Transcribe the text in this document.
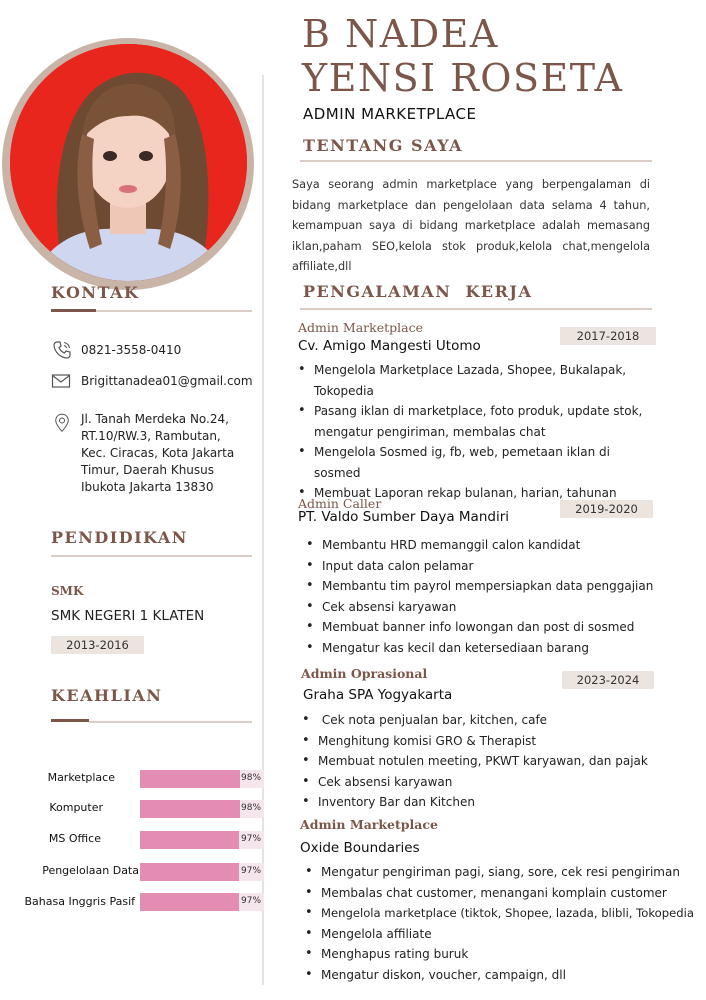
B NADEA
YENSI ROSETA
ADMIN MARKETPLACE
TENTANG SAYA
Saya seorang admin marketplace yang berpengalaman di bidang marketplace dan pengelolaan data selama 4 tahun, kemampuan saya di bidang marketplace adalah memasang iklan,paham SEO,kelola stok produk,kelola chat,mengelola affiliate,dll
KONTAK
0821-3558-0410
Brigittanadea01@gmail.com
Jl. Tanah Merdeka No.24,
RT.10/RW.3, Rambutan,
Kec. Ciracas, Kota Jakarta
Timur, Daerah Khusus
Ibukota Jakarta 13830
PENDIDIKAN
SMK
SMK NEGERI 1 KLATEN
2013-2016
KEAHLIAN
Marketplace	98%
Komputer	98%
MS Office	97%
Pengelolaan Data	97%
Bahasa Inggris Pasif	97%
PENGALAMAN  KERJA
Admin Marketplace
Cv. Amigo Mangesti Utomo
2017-2018
• Mengelola Marketplace Lazada, Shopee, Bukalapak, Tokopedia
• Pasang iklan di marketplace, foto produk, update stok, mengatur pengiriman, membalas chat
• Mengelola Sosmed ig, fb, web, pemetaan iklan di sosmed
• Membuat Laporan rekap bulanan, harian, tahunan
Admin Caller
PT. Valdo Sumber Daya Mandiri	2019-2020
• Membantu HRD memanggil calon kandidat
• Input data calon pelamar
• Membantu tim payrol mempersiapkan data penggajian
• Cek absensi karyawan
• Membuat banner info lowongan dan post di sosmed
• Mengatur kas kecil dan ketersediaan barang
Admin Oprasional
Graha SPA Yogyakarta
2023-2024
•  Cek nota penjualan bar, kitchen, cafe
• Menghitung komisi GRO & Therapist
• Membuat notulen meeting, PKWT karyawan, dan pajak
• Cek absensi karyawan
• Inventory Bar dan Kitchen
Admin Marketplace
Oxide Boundaries
• Mengatur pengiriman pagi, siang, sore, cek resi pengiriman
• Membalas chat customer, menangani komplain customer
• Mengelola marketplace (tiktok, Shopee, lazada, blibli, Tokopedia
• Mengelola affiliate
• Menghapus rating buruk
• Mengatur diskon, voucher, campaign, dll
